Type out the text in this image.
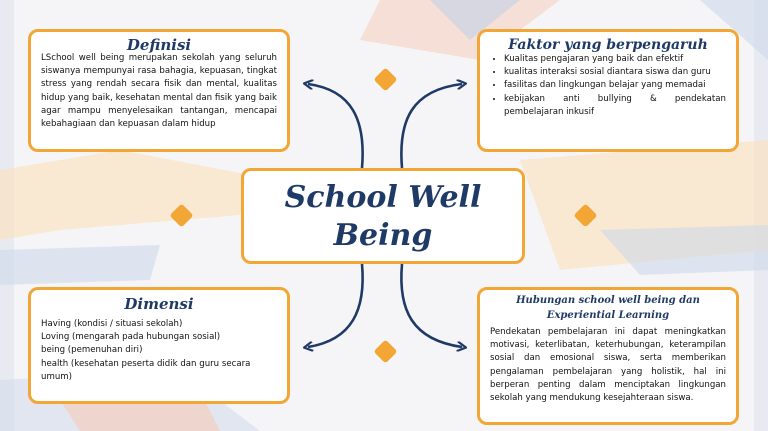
School Well
Being

Definisi

LSchool well being merupakan sekolah yang seluruh siswanya mempunyai rasa bahagia, kepuasan, tingkat stress yang rendah secara fisik dan mental, kualitas hidup yang baik, kesehatan mental dan fisik yang baik agar mampu menyelesaikan tantangan, mencapai kebahagiaan dan kepuasan dalam hidup

Faktor yang berpengaruh

• Kualitas pengajaran yang baik dan efektif
• kualitas interaksi sosial diantara siswa dan guru
• fasilitas dan lingkungan belajar yang memadai
• kebijakan anti bullying & pendekatan pembelajaran inkusif

Dimensi

Having (kondisi / situasi sekolah)

Loving (mengarah pada hubungan sosial)

being (pemenuhan diri)

health (kesehatan peserta didik dan guru secara umum)

Hubungan school well being dan

Experiential Learning

Pendekatan pembelajaran ini dapat meningkatkan motivasi, keterlibatan, keterhubungan, keterampilan sosial dan emosional siswa, serta memberikan pengalaman pembelajaran yang holistik, hal ini berperan penting dalam menciptakan lingkungan sekolah yang mendukung kesejahteraan siswa.
